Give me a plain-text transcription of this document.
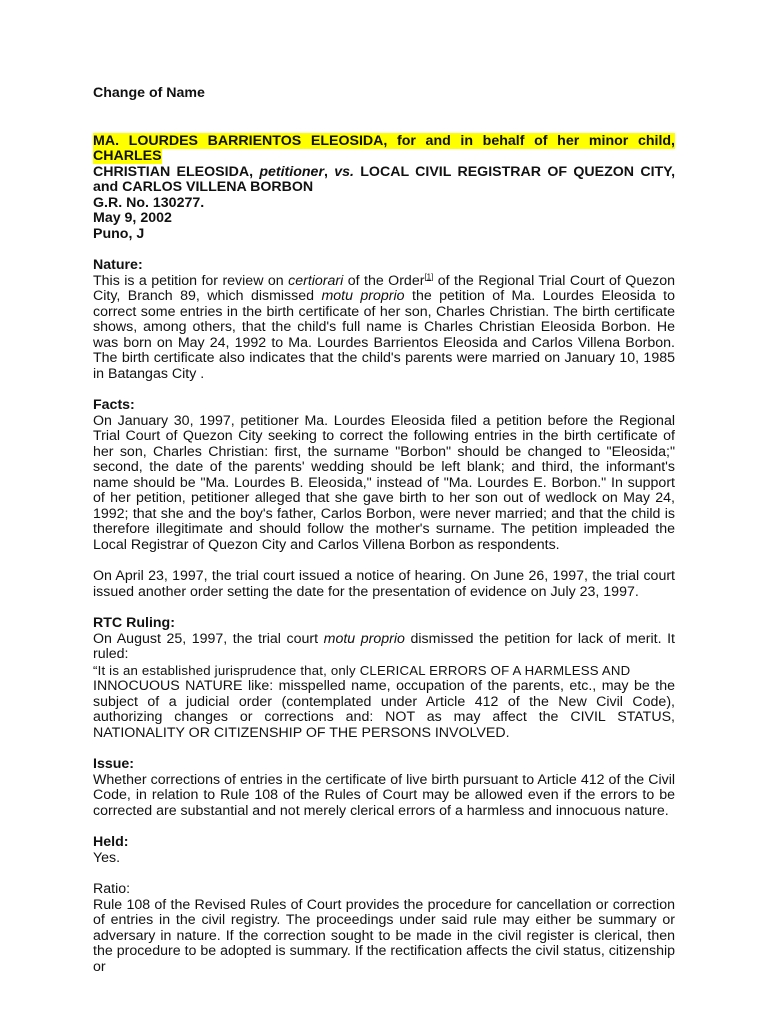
Change of Name
MA. LOURDES BARRIENTOS ELEOSIDA, for and in behalf of her minor child, CHARLES
CHRISTIAN ELEOSIDA, petitioner, vs. LOCAL CIVIL REGISTRAR OF QUEZON CITY, and CARLOS VILLENA BORBON
G.R. No. 130277.
May 9, 2002
Puno, J
Nature:

This is a petition for review on certiorari of the Order[1] of the Regional Trial Court of Quezon City, Branch 89, which dismissed motu proprio the petition of Ma. Lourdes Eleosida to correct some entries in the birth certificate of her son, Charles Christian. The birth certificate shows, among others, that the child's full name is Charles Christian Eleosida Borbon. He was born on May 24, 1992 to Ma. Lourdes Barrientos Eleosida and Carlos Villena Borbon. The birth certificate also indicates that the child's parents were married on January 10, 1985 in Batangas City .

Facts:

On January 30, 1997, petitioner Ma. Lourdes Eleosida filed a petition before the Regional Trial Court of Quezon City seeking to correct the following entries in the birth certificate of her son, Charles Christian: first, the surname "Borbon" should be changed to "Eleosida;" second, the date of the parents' wedding should be left blank; and third, the informant's name should be "Ma. Lourdes B. Eleosida," instead of "Ma. Lourdes E. Borbon." In support of her petition, petitioner alleged that she gave birth to her son out of wedlock on May 24, 1992; that she and the boy's father, Carlos Borbon, were never married; and that the child is therefore illegitimate and should follow the mother's surname. The petition impleaded the Local Registrar of Quezon City and Carlos Villena Borbon as respondents.

On April 23, 1997, the trial court issued a notice of hearing. On June 26, 1997, the trial court issued another order setting the date for the presentation of evidence on July 23, 1997.

RTC Ruling:

On August 25, 1997, the trial court motu proprio dismissed the petition for lack of merit. It ruled:

“It is an established jurisprudence that, only CLERICAL ERRORS OF A HARMLESS AND
INNOCUOUS NATURE like: misspelled name, occupation of the parents, etc., may be the subject of a judicial order (contemplated under Article 412 of the New Civil Code), authorizing changes or corrections and: NOT as may affect the CIVIL STATUS, NATIONALITY OR CITIZENSHIP OF THE PERSONS INVOLVED.

Issue:

Whether corrections of entries in the certificate of live birth pursuant to Article 412 of the Civil Code, in relation to Rule 108 of the Rules of Court may be allowed even if the errors to be corrected are substantial and not merely clerical errors of a harmless and innocuous nature.

Held:

Yes.

Ratio:

Rule 108 of the Revised Rules of Court provides the procedure for cancellation or correction of entries in the civil registry. The proceedings under said rule may either be summary or adversary in nature. If the correction sought to be made in the civil register is clerical, then the procedure to be adopted is summary. If the rectification affects the civil status, citizenship or
